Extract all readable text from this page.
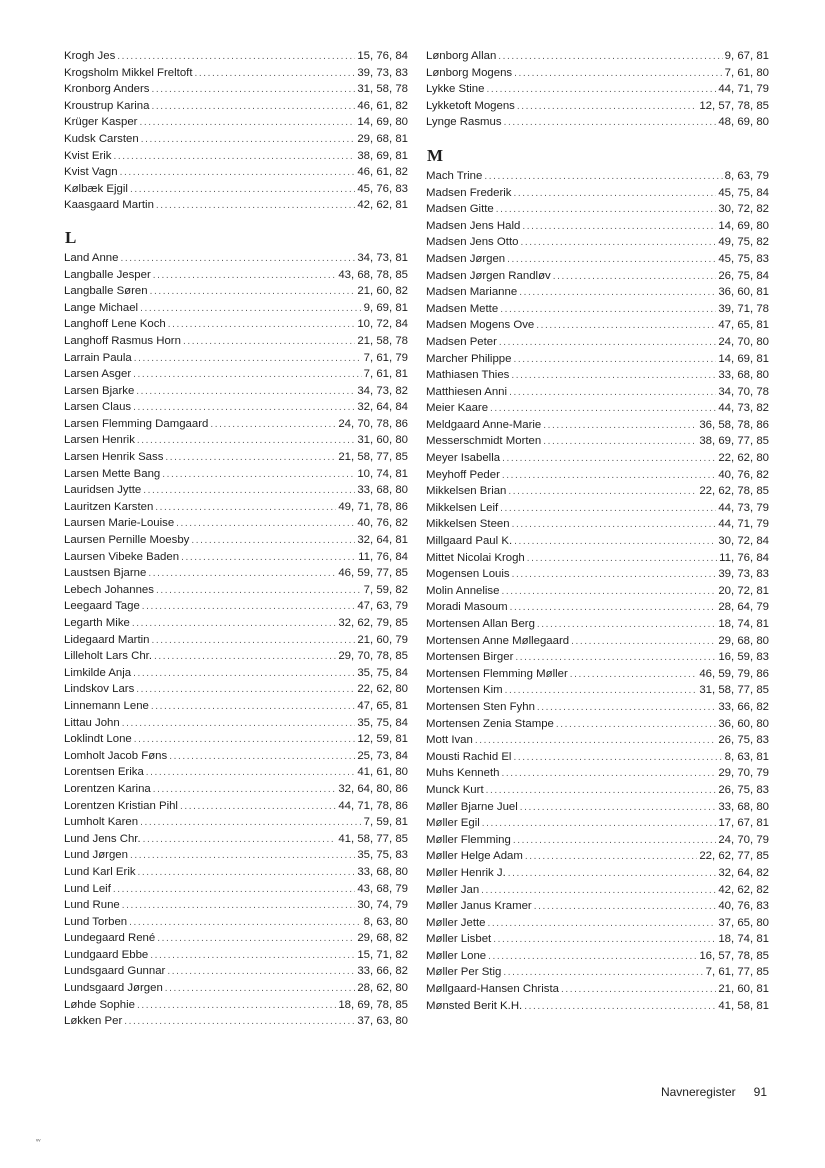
Krogh Jes .....	15, 76, 84
Krogsholm Mikkel Freltoft .....	39, 73, 83
Kronborg Anders .....	31, 58, 78
Kroustrup Karina .....	46, 61, 82
Krüger Kasper .....	14, 69, 80
Kudsk Carsten .....	29, 68, 81
Kvist Erik .....	38, 69, 81
Kvist Vagn .....	46, 61, 82
Kølbæk Ejgil .....	45, 76, 83
Kaasgaard Martin .....	42, 62, 81
L
Land Anne .....	34, 73, 81
Langballe Jesper .....	43, 68, 78, 85
Langballe Søren .....	21, 60, 82
Lange Michael .....	9, 69, 81
Langhoff Lene Koch .....	10, 72, 84
Langhoff Rasmus Horn .....	21, 58, 78
Larrain Paula .....	7, 61, 79
Larsen Asger .....	7, 61, 81
Larsen Bjarke .....	34, 73, 82
Larsen Claus .....	32, 64, 84
Larsen Flemming Damgaard .....	24, 70, 78, 86
Larsen Henrik .....	31, 60, 80
Larsen Henrik Sass .....	21, 58, 77, 85
Larsen Mette Bang .....	10, 74, 81
Lauridsen Jytte .....	33, 68, 80
Lauritzen Karsten .....	49, 71, 78, 86
Laursen Marie-Louise .....	40, 76, 82
Laursen Pernille Moesby .....	32, 64, 81
Laursen Vibeke Baden .....	11, 76, 84
Laustsen Bjarne .....	46, 59, 77, 85
Lebech Johannes .....	7, 59, 82
Leegaard Tage .....	47, 63, 79
Legarth Mike .....	32, 62, 79, 85
Lidegaard Martin .....	21, 60, 79
Lilleholt Lars Chr. .....	29, 70, 78, 85
Limkilde Anja .....	35, 75, 84
Lindskov Lars .....	22, 62, 80
Linnemann Lene .....	47, 65, 81
Littau John .....	35, 75, 84
Loklindt Lone .....	12, 59, 81
Lomholt Jacob Føns .....	25, 73, 84
Lorentsen Erika .....	41, 61, 80
Lorentzen Karina .....	32, 64, 80, 86
Lorentzen Kristian Pihl .....	44, 71, 78, 86
Lumholt Karen .....	7, 59, 81
Lund Jens Chr. .....	41, 58, 77, 85
Lund Jørgen .....	35, 75, 83
Lund Karl Erik .....	33, 68, 80
Lund Leif .....	43, 68, 79
Lund Rune .....	30, 74, 79
Lund Torben .....	8, 63, 80
Lundegaard René .....	29, 68, 82
Lundgaard Ebbe .....	15, 71, 82
Lundsgaard Gunnar .....	33, 66, 82
Lundsgaard Jørgen .....	28, 62, 80
Løhde Sophie .....	18, 69, 78, 85
Løkken Per .....	37, 63, 80
Lønborg Allan .....	9, 67, 81
Lønborg Mogens .....	7, 61, 80
Lykke Stine .....	44, 71, 79
Lykketoft Mogens .....	12, 57, 78, 85
Lynge Rasmus .....	48, 69, 80
M
Mach Trine .....	8, 63, 79
Madsen Frederik .....	45, 75, 84
Madsen Gitte .....	30, 72, 82
Madsen Jens Hald .....	14, 69, 80
Madsen Jens Otto .....	49, 75, 82
Madsen Jørgen .....	45, 75, 83
Madsen Jørgen Randløv .....	26, 75, 84
Madsen Marianne .....	36, 60, 81
Madsen Mette .....	39, 71, 78
Madsen Mogens Ove .....	47, 65, 81
Madsen Peter .....	24, 70, 80
Marcher Philippe .....	14, 69, 81
Mathiasen Thies .....	33, 68, 80
Matthiesen Anni .....	34, 70, 78
Meier Kaare .....	44, 73, 82
Meldgaard Anne-Marie .....	36, 58, 78, 86
Messerschmidt Morten .....	38, 69, 77, 85
Meyer Isabella .....	22, 62, 80
Meyhoff Peder .....	40, 76, 82
Mikkelsen Brian .....	22, 62, 78, 85
Mikkelsen Leif .....	44, 73, 79
Mikkelsen Steen .....	44, 71, 79
Millgaard Paul K. .....	30, 72, 84
Mittet Nicolai Krogh .....	11, 76, 84
Mogensen Louis .....	39, 73, 83
Molin Annelise .....	20, 72, 81
Moradi Masoum .....	28, 64, 79
Mortensen Allan Berg .....	18, 74, 81
Mortensen Anne Møllegaard .....	29, 68, 80
Mortensen Birger .....	16, 59, 83
Mortensen Flemming Møller .....	46, 59, 79, 86
Mortensen Kim .....	31, 58, 77, 85
Mortensen Sten Fyhn .....	33, 66, 82
Mortensen Zenia Stampe .....	36, 60, 80
Mott Ivan .....	26, 75, 83
Mousti Rachid El .....	8, 63, 81
Muhs Kenneth .....	29, 70, 79
Munck Kurt .....	26, 75, 83
Møller Bjarne Juel .....	33, 68, 80
Møller Egil .....	17, 67, 81
Møller Flemming .....	24, 70, 79
Møller Helge Adam .....	22, 62, 77, 85
Møller Henrik J. .....	32, 64, 82
Møller Jan .....	42, 62, 82
Møller Janus Kramer .....	40, 76, 83
Møller Jette .....	37, 65, 80
Møller Lisbet .....	18, 74, 81
Møller Lone .....	16, 57, 78, 85
Møller Per Stig .....	7, 61, 77, 85
Møllgaard-Hansen Christa .....	21, 60, 81
Mønsted Berit K.H. .....	41, 58, 81
Navneregister 91
ᵥᵥ
